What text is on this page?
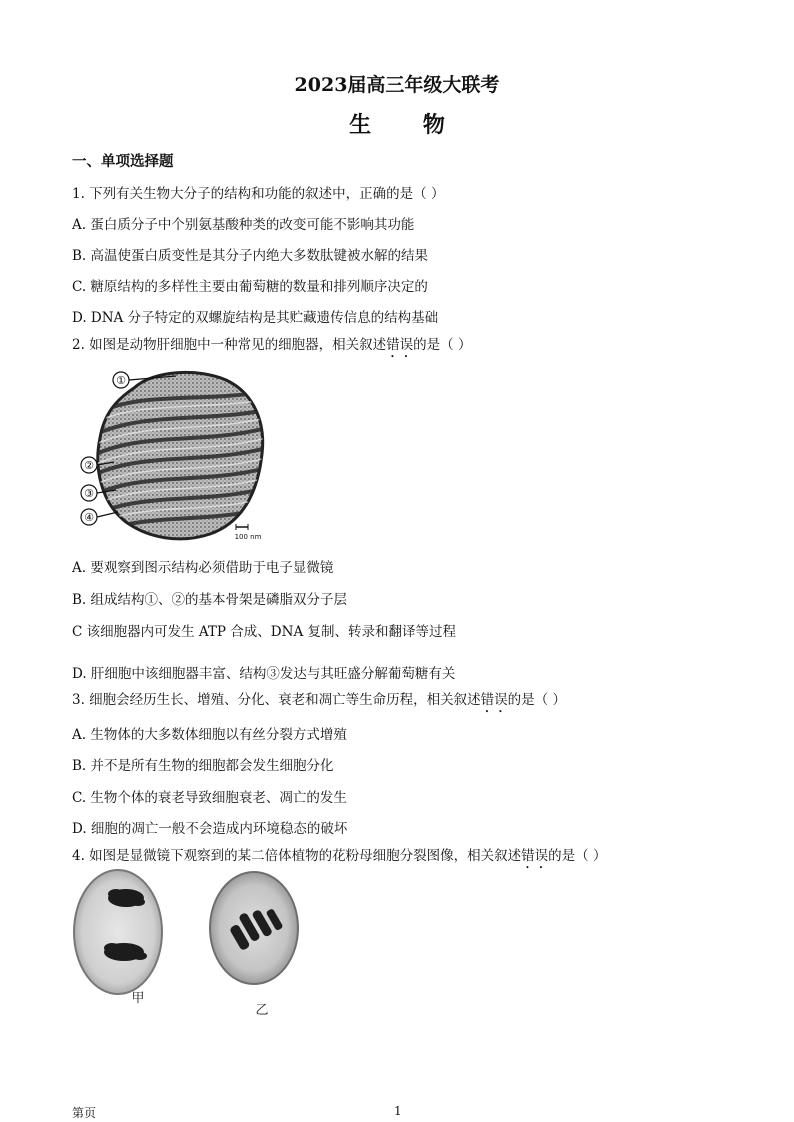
2023届高三年级大联考
生 物
一、单项选择题
1. 下列有关生物大分子的结构和功能的叙述中，正确的是（ ）
A. 蛋白质分子中个别氨基酸种类的改变可能不影响其功能
B. 高温使蛋白质变性是其分子内绝大多数肽键被水解的结果
C. 糖原结构的多样性主要由葡萄糖的数量和排列顺序决定的
D. DNA 分子特定的双螺旋结构是其贮藏遗传信息的结构基础
2. 如图是动物肝细胞中一种常见的细胞器，相关叙述错误的是（ ）
①
②
③
④
100 nm
A. 要观察到图示结构必须借助于电子显微镜
B. 组成结构①、②的基本骨架是磷脂双分子层
C 该细胞器内可发生 ATP 合成、DNA 复制、转录和翻译等过程
D. 肝细胞中该细胞器丰富、结构③发达与其旺盛分解葡萄糖有关
3. 细胞会经历生长、增殖、分化、衰老和凋亡等生命历程，相关叙述错误的是（ ）
A. 生物体的大多数体细胞以有丝分裂方式增殖
B. 并不是所有生物的细胞都会发生细胞分化
C. 生物个体的衰老导致细胞衰老、凋亡的发生
D. 细胞的凋亡一般不会造成内环境稳态的破坏
4. 如图是显微镜下观察到的某二倍体植物的花粉母细胞分裂图像，相关叙述错误的是（ ）
甲
乙
第页	1
